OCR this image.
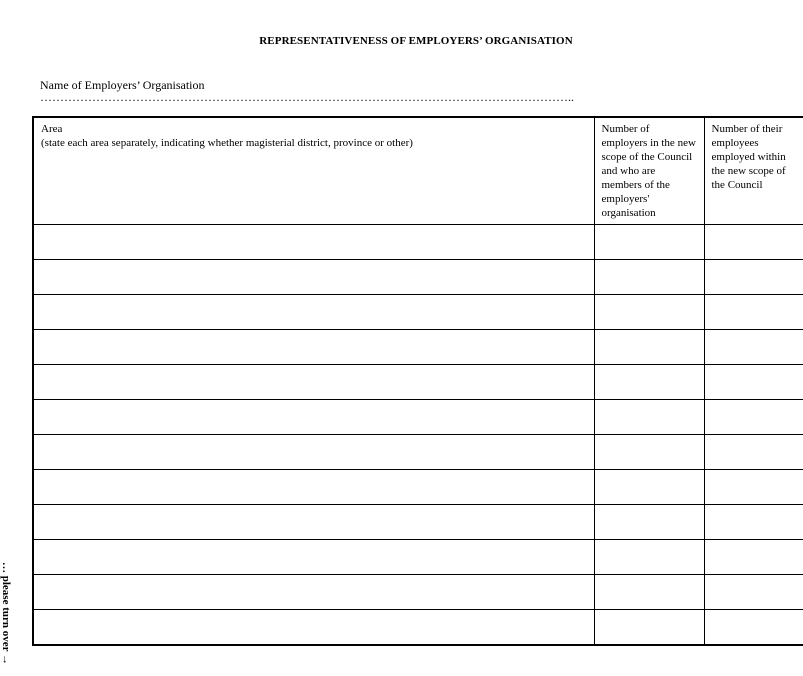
REPRESENTATIVENESS OF EMPLOYERS’ ORGANISATION
Name of Employers’ Organisation
……………………………………………………………………………………………………………………..
Area
(state each area separately, indicating whether magisterial district, province or other)	Number of employers in the new scope of the Council and who are members of the employers' organisation	Number of their employees employed within the new scope of the Council

… please turn over →
